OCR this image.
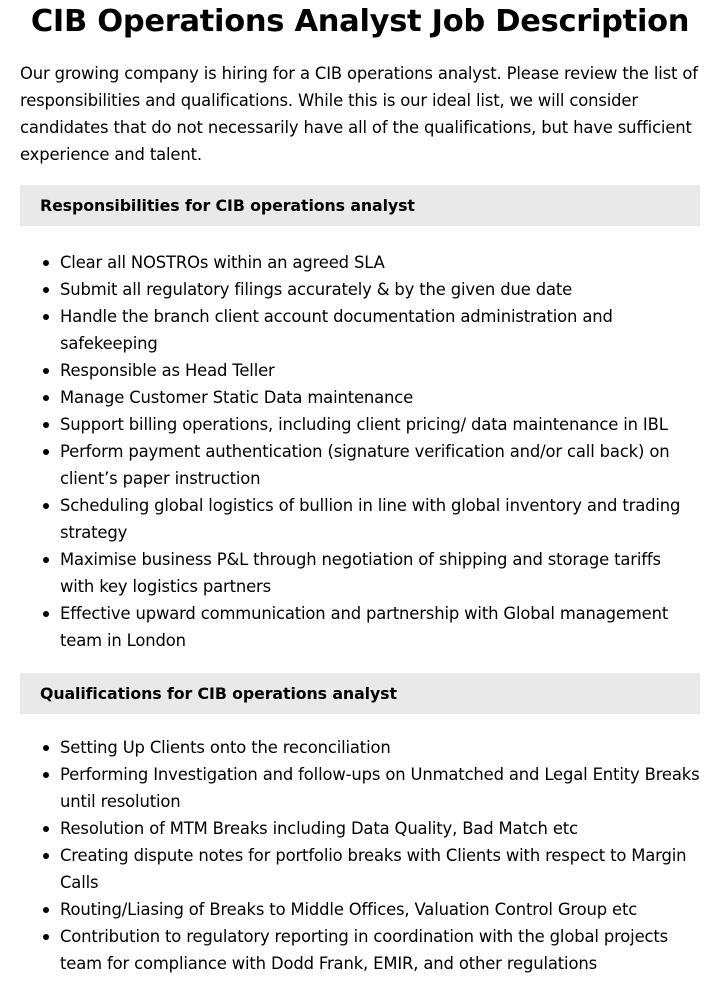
CIB Operations Analyst Job Description

Our growing company is hiring for a CIB operations analyst. Please review the list of responsibilities and qualifications. While this is our ideal list, we will consider candidates that do not necessarily have all of the qualifications, but have sufficient experience and talent.

Responsibilities for CIB operations analyst
Clear all NOSTROs within an agreed SLA
Submit all regulatory filings accurately & by the given due date
Handle the branch client account documentation administration and safekeeping
Responsible as Head Teller
Manage Customer Static Data maintenance
Support billing operations, including client pricing/ data maintenance in IBL
Perform payment authentication (signature verification and/or call back) on client’s paper instruction
Scheduling global logistics of bullion in line with global inventory and trading strategy
Maximise business P&L through negotiation of shipping and storage tariffs with key logistics partners
Effective upward communication and partnership with Global management team in London
Qualifications for CIB operations analyst
Setting Up Clients onto the reconciliation
Performing Investigation and follow-ups on Unmatched and Legal Entity Breaks until resolution
Resolution of MTM Breaks including Data Quality, Bad Match etc
Creating dispute notes for portfolio breaks with Clients with respect to Margin Calls
Routing/Liasing of Breaks to Middle Offices, Valuation Control Group etc
Contribution to regulatory reporting in coordination with the global projects team for compliance with Dodd Frank, EMIR, and other regulations
